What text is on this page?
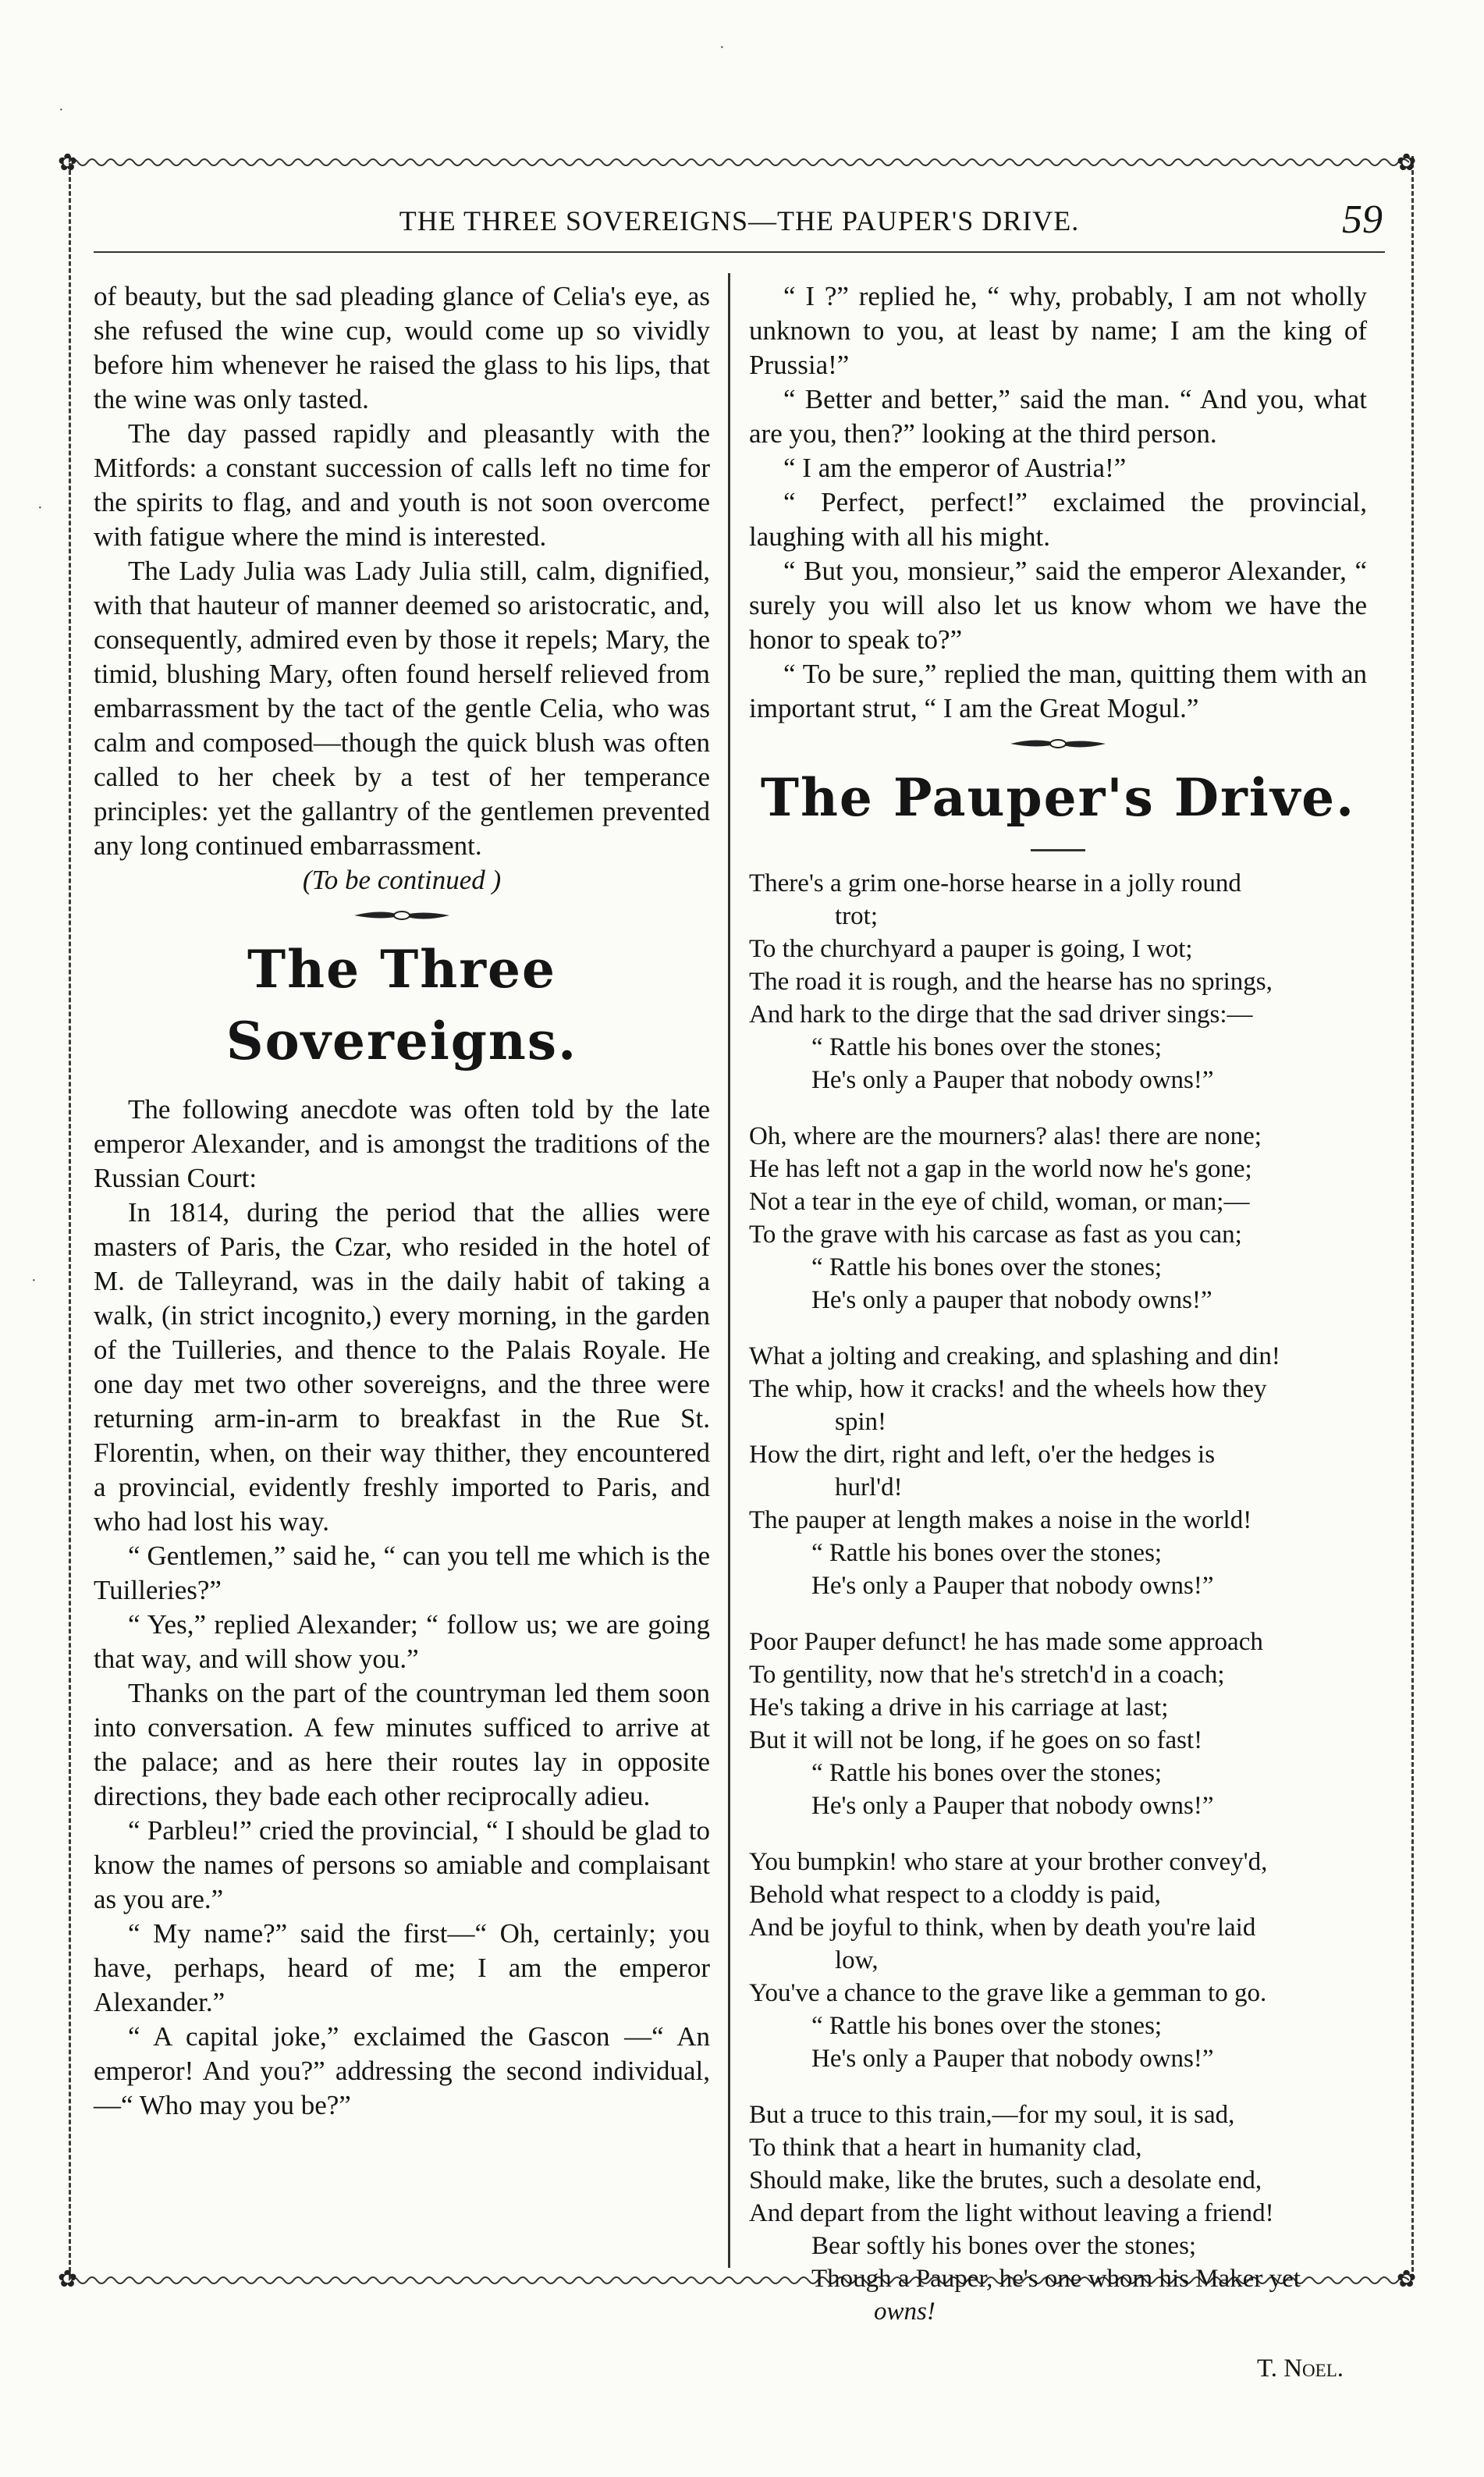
✿	✿
✿	✿
·
·
·
·
THE THREE SOVEREIGNS—THE PAUPER'S DRIVE.	59

of beauty, but the sad pleading glance of Celia's eye, as she refused the wine cup, would come up so vividly before him whenever he raised the glass to his lips, that the wine was only tasted.

The day passed rapidly and pleasantly with the Mitfords: a constant succession of calls left no time for the spirits to flag, and and youth is not soon overcome with fatigue where the mind is interested.

The Lady Julia was Lady Julia still, calm, dignified, with that hauteur of manner deemed so aristocratic, and, consequently, admired even by those it repels; Mary, the timid, blushing Mary, often found herself relieved from embarrassment by the tact of the gentle Celia, who was calm and composed—though the quick blush was often called to her cheek by a test of her temperance principles: yet the gallantry of the gentlemen prevented any long continued embarrassment.

(To be continued )

The Three Sovereigns.

The following anecdote was often told by the late emperor Alexander, and is amongst the traditions of the Russian Court:

In 1814, during the period that the allies were masters of Paris, the Czar, who resided in the hotel of M. de Talleyrand, was in the daily habit of taking a walk, (in strict incognito,) every morning, in the garden of the Tuilleries, and thence to the Palais Royale. He one day met two other sovereigns, and the three were returning arm-in-arm to breakfast in the Rue St. Florentin, when, on their way thither, they encountered a provincial, evidently freshly imported to Paris, and who had lost his way.

“ Gentlemen,” said he, “ can you tell me which is the Tuilleries?”

“ Yes,” replied Alexander; “ follow us; we are going that way, and will show you.”

Thanks on the part of the countryman led them soon into conversation. A few minutes sufficed to arrive at the palace; and as here their routes lay in opposite directions, they bade each other reciprocally adieu.

“ Parbleu!” cried the provincial, “ I should be glad to know the names of persons so amiable and complaisant as you are.”

“ My name?” said the first—“ Oh, certainly; you have, perhaps, heard of me; I am the emperor Alexander.”

“ A capital joke,” exclaimed the Gascon —“ An emperor! And you?” addressing the second individual,—“ Who may you be?”

“ I ?” replied he, “ why, probably, I am not wholly unknown to you, at least by name; I am the king of Prussia!”

“ Better and better,” said the man. “ And you, what are you, then?” looking at the third person.

“ I am the emperor of Austria!”

“ Perfect, perfect!” exclaimed the provincial, laughing with all his might.

“ But you, monsieur,” said the emperor Alexander, “ surely you will also let us know whom we have the honor to speak to?”

“ To be sure,” replied the man, quitting them with an important strut, “ I am the Great Mogul.”

The Pauper's Drive.
There's a grim one-horse hearse in a jolly round
trot;
To the churchyard a pauper is going, I wot;
The road it is rough, and the hearse has no springs,
And hark to the dirge that the sad driver sings:—
“ Rattle his bones over the stones;
He's only a Pauper that nobody owns!”
Oh, where are the mourners? alas! there are none;
He has left not a gap in the world now he's gone;
Not a tear in the eye of child, woman, or man;—
To the grave with his carcase as fast as you can;
“ Rattle his bones over the stones;
He's only a pauper that nobody owns!”
What a jolting and creaking, and splashing and din!
The whip, how it cracks! and the wheels how they
spin!
How the dirt, right and left, o'er the hedges is
hurl'd!
The pauper at length makes a noise in the world!
“ Rattle his bones over the stones;
He's only a Pauper that nobody owns!”
Poor Pauper defunct! he has made some approach
To gentility, now that he's stretch'd in a coach;
He's taking a drive in his carriage at last;
But it will not be long, if he goes on so fast!
“ Rattle his bones over the stones;
He's only a Pauper that nobody owns!”
You bumpkin! who stare at your brother convey'd,
Behold what respect to a cloddy is paid,
And be joyful to think, when by death you're laid
low,
You've a chance to the grave like a gemman to go.
“ Rattle his bones over the stones;
He's only a Pauper that nobody owns!”
But a truce to this train,—for my soul, it is sad,
To think that a heart in humanity clad,
Should make, like the brutes, such a desolate end,
And depart from the light without leaving a friend!
Bear softly his bones over the stones;
Though a Pauper, he's one whom his Maker yet
owns!
T. Noel.
